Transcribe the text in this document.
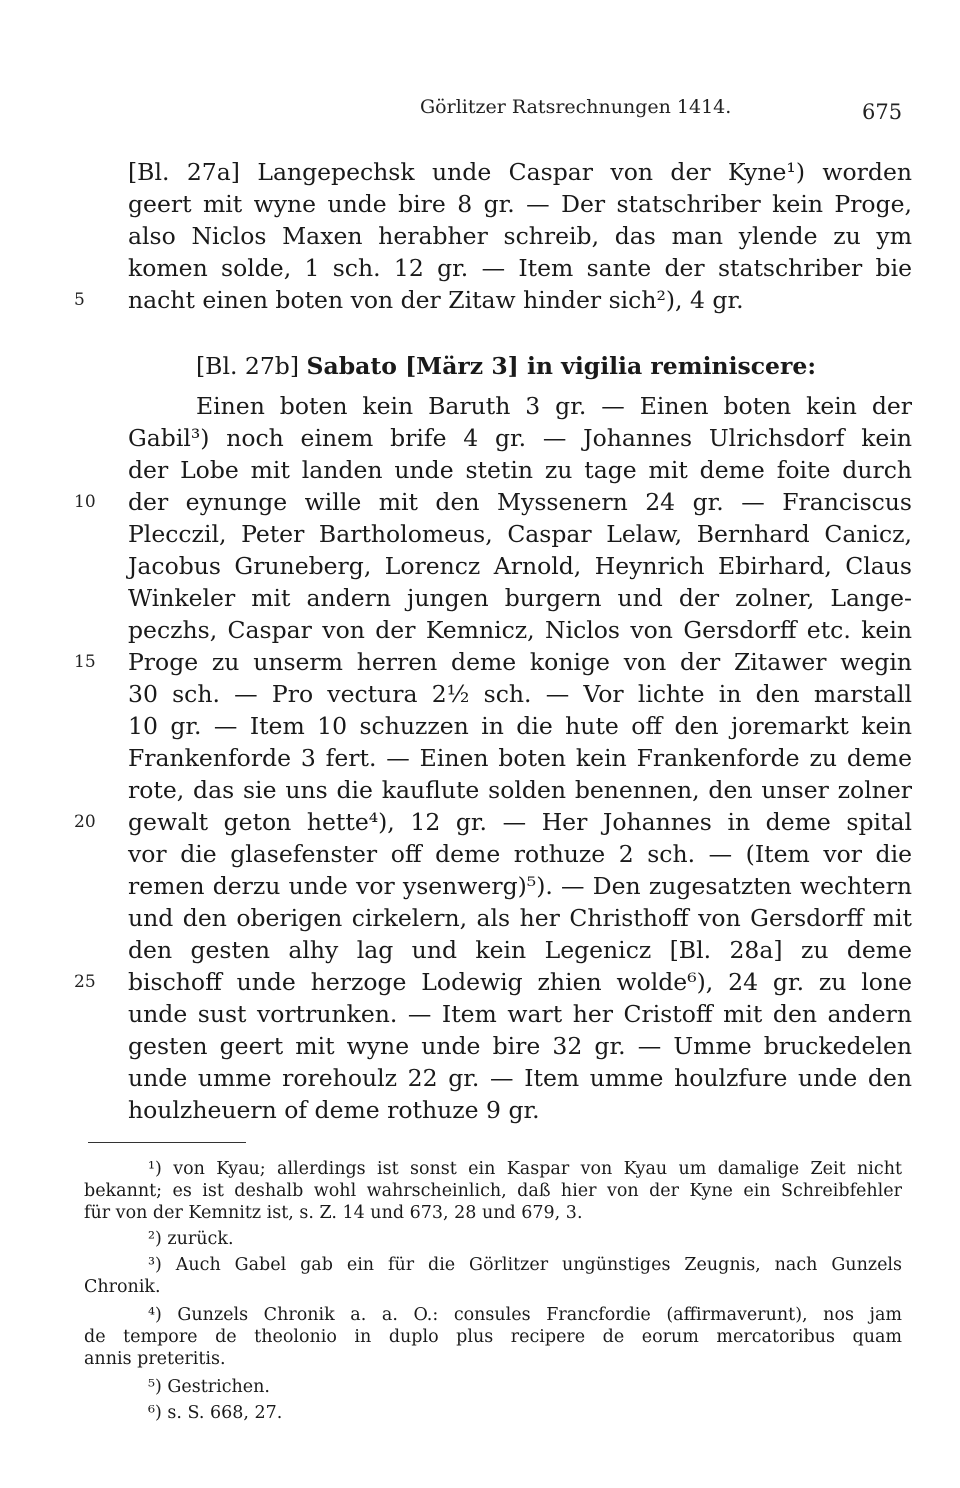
Görlitzer Ratsrechnungen 1414.	675
[Bl. 27a] Langepechsk unde Caspar von der Kyne¹) worden
geert mit wyne unde bire 8 gr. — Der statschriber kein Proge,
also Niclos Maxen herabher schreib, das man ylende zu ym
komen solde, 1 sch. 12 gr. — Item sante der statschriber bie
nacht einen boten von der Zitaw hinder sich²), 4 gr.
5
[Bl. 27b] Sabato [März 3] in vigilia reminiscere:
Einen boten kein Baruth 3 gr. — Einen boten kein der
Gabil³) noch einem brife 4 gr. — Johannes Ulrichsdorf kein
der Lobe mit landen unde stetin zu tage mit deme foite durch
der eynunge wille mit den Myssenern 24 gr. — Franciscus
10
Plecczil, Peter Bartholomeus, Caspar Lelaw, Bernhard Canicz,
Jacobus Gruneberg, Lorencz Arnold, Heynrich Ebirhard, Claus
Winkeler mit andern jungen burgern und der zolner, Lange-
peczhs, Caspar von der Kemnicz, Niclos von Gersdorff etc. kein
Proge zu unserm herren deme konige von der Zitawer wegin
15
30 sch. — Pro vectura 2½ sch. — Vor lichte in den marstall
10 gr. — Item 10 schuzzen in die hute off den joremarkt kein
Frankenforde 3 fert. — Einen boten kein Frankenforde zu deme
rote, das sie uns die kauflute solden benennen, den unser zolner
gewalt geton hette⁴), 12 gr. — Her Johannes in deme spital
20
vor die glasefenster off deme rothuze 2 sch. — (Item vor die
remen derzu unde vor ysenwerg)⁵). — Den zugesatzten wechtern
und den oberigen cirkelern, als her Christhoff von Gersdorff mit
den gesten alhy lag und kein Legenicz [Bl. 28a] zu deme
bischoff unde herzoge Lodewig zhien wolde⁶), 24 gr. zu lone
25
unde sust vortrunken. — Item wart her Cristoff mit den andern
gesten geert mit wyne unde bire 32 gr. — Umme bruckedelen
unde umme rorehoulz 22 gr. — Item umme houlzfure unde den
houlzheuern of deme rothuze 9 gr.
¹) von Kyau; allerdings ist sonst ein Kaspar von Kyau um damalige Zeit nicht
bekannt; es ist deshalb wohl wahrscheinlich, daß hier von der Kyne ein Schreibfehler
für von der Kemnitz ist, s. Z. 14 und 673, 28 und 679, 3.
²) zurück.
³) Auch Gabel gab ein für die Görlitzer ungünstiges Zeugnis, nach Gunzels
Chronik.
⁴) Gunzels Chronik a. a. O.: consules Francfordie (affirmaverunt), nos jam
de tempore de theolonio in duplo plus recipere de eorum mercatoribus quam
annis preteritis.
⁵) Gestrichen.
⁶) s. S. 668, 27.
